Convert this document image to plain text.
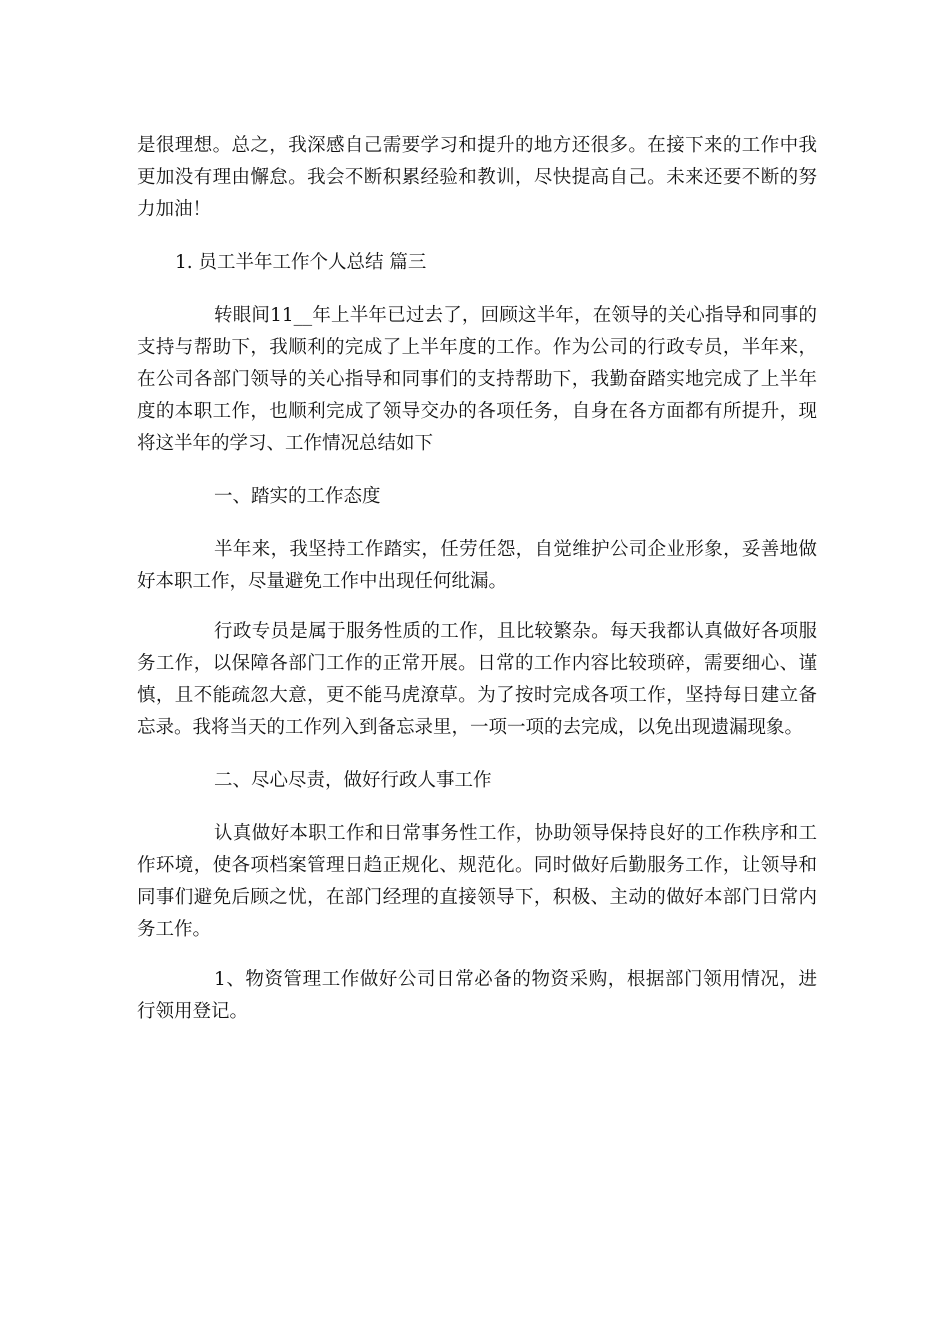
是很理想。总之，我深感自己需要学习和提升的地方还很多。在接下来的工作中我更加没有理由懈怠。我会不断积累经验和教训，尽快提高自己。未来还要不断的努力加油！

1. 员工半年工作个人总结 篇三

转眼间11__年上半年已过去了，回顾这半年，在领导的关心指导和同事的支持与帮助下，我顺利的完成了上半年度的工作。作为公司的行政专员，半年来，在公司各部门领导的关心指导和同事们的支持帮助下，我勤奋踏实地完成了上半年度的本职工作，也顺利完成了领导交办的各项任务，自身在各方面都有所提升，现将这半年的学习、工作情况总结如下

一、踏实的工作态度

半年来，我坚持工作踏实，任劳任怨，自觉维护公司企业形象，妥善地做好本职工作，尽量避免工作中出现任何纰漏。

行政专员是属于服务性质的工作，且比较繁杂。每天我都认真做好各项服务工作，以保障各部门工作的正常开展。日常的工作内容比较琐碎，需要细心、谨慎，且不能疏忽大意，更不能马虎潦草。为了按时完成各项工作，坚持每日建立备忘录。我将当天的工作列入到备忘录里，一项一项的去完成，以免出现遗漏现象。

二、尽心尽责，做好行政人事工作

认真做好本职工作和日常事务性工作，协助领导保持良好的工作秩序和工作环境，使各项档案管理日趋正规化、规范化。同时做好后勤服务工作，让领导和同事们避免后顾之忧，在部门经理的直接领导下，积极、主动的做好本部门日常内务工作。

1、物资管理工作做好公司日常必备的物资采购，根据部门领用情况，进行领用登记。
